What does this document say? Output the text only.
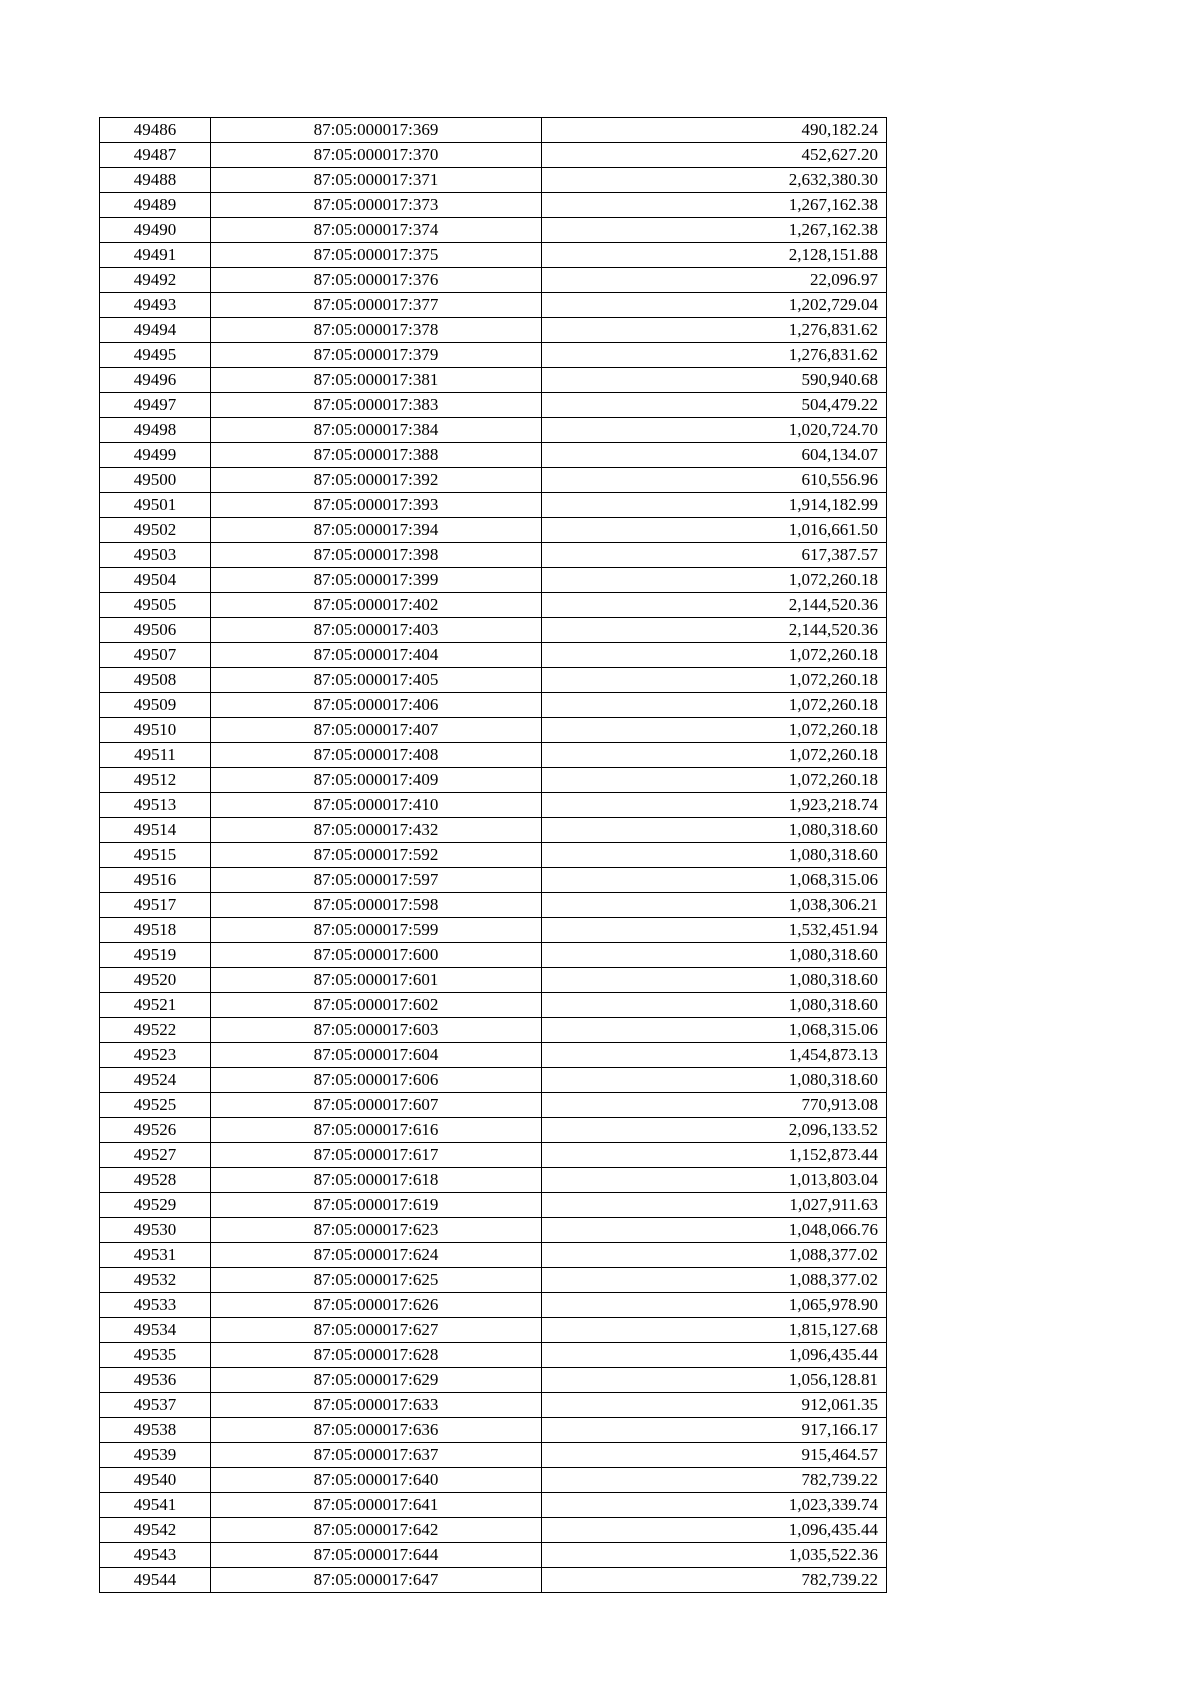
49486	87:05:000017:369	490,182.24
49487	87:05:000017:370	452,627.20
49488	87:05:000017:371	2,632,380.30
49489	87:05:000017:373	1,267,162.38
49490	87:05:000017:374	1,267,162.38
49491	87:05:000017:375	2,128,151.88
49492	87:05:000017:376	22,096.97
49493	87:05:000017:377	1,202,729.04
49494	87:05:000017:378	1,276,831.62
49495	87:05:000017:379	1,276,831.62
49496	87:05:000017:381	590,940.68
49497	87:05:000017:383	504,479.22
49498	87:05:000017:384	1,020,724.70
49499	87:05:000017:388	604,134.07
49500	87:05:000017:392	610,556.96
49501	87:05:000017:393	1,914,182.99
49502	87:05:000017:394	1,016,661.50
49503	87:05:000017:398	617,387.57
49504	87:05:000017:399	1,072,260.18
49505	87:05:000017:402	2,144,520.36
49506	87:05:000017:403	2,144,520.36
49507	87:05:000017:404	1,072,260.18
49508	87:05:000017:405	1,072,260.18
49509	87:05:000017:406	1,072,260.18
49510	87:05:000017:407	1,072,260.18
49511	87:05:000017:408	1,072,260.18
49512	87:05:000017:409	1,072,260.18
49513	87:05:000017:410	1,923,218.74
49514	87:05:000017:432	1,080,318.60
49515	87:05:000017:592	1,080,318.60
49516	87:05:000017:597	1,068,315.06
49517	87:05:000017:598	1,038,306.21
49518	87:05:000017:599	1,532,451.94
49519	87:05:000017:600	1,080,318.60
49520	87:05:000017:601	1,080,318.60
49521	87:05:000017:602	1,080,318.60
49522	87:05:000017:603	1,068,315.06
49523	87:05:000017:604	1,454,873.13
49524	87:05:000017:606	1,080,318.60
49525	87:05:000017:607	770,913.08
49526	87:05:000017:616	2,096,133.52
49527	87:05:000017:617	1,152,873.44
49528	87:05:000017:618	1,013,803.04
49529	87:05:000017:619	1,027,911.63
49530	87:05:000017:623	1,048,066.76
49531	87:05:000017:624	1,088,377.02
49532	87:05:000017:625	1,088,377.02
49533	87:05:000017:626	1,065,978.90
49534	87:05:000017:627	1,815,127.68
49535	87:05:000017:628	1,096,435.44
49536	87:05:000017:629	1,056,128.81
49537	87:05:000017:633	912,061.35
49538	87:05:000017:636	917,166.17
49539	87:05:000017:637	915,464.57
49540	87:05:000017:640	782,739.22
49541	87:05:000017:641	1,023,339.74
49542	87:05:000017:642	1,096,435.44
49543	87:05:000017:644	1,035,522.36
49544	87:05:000017:647	782,739.22
